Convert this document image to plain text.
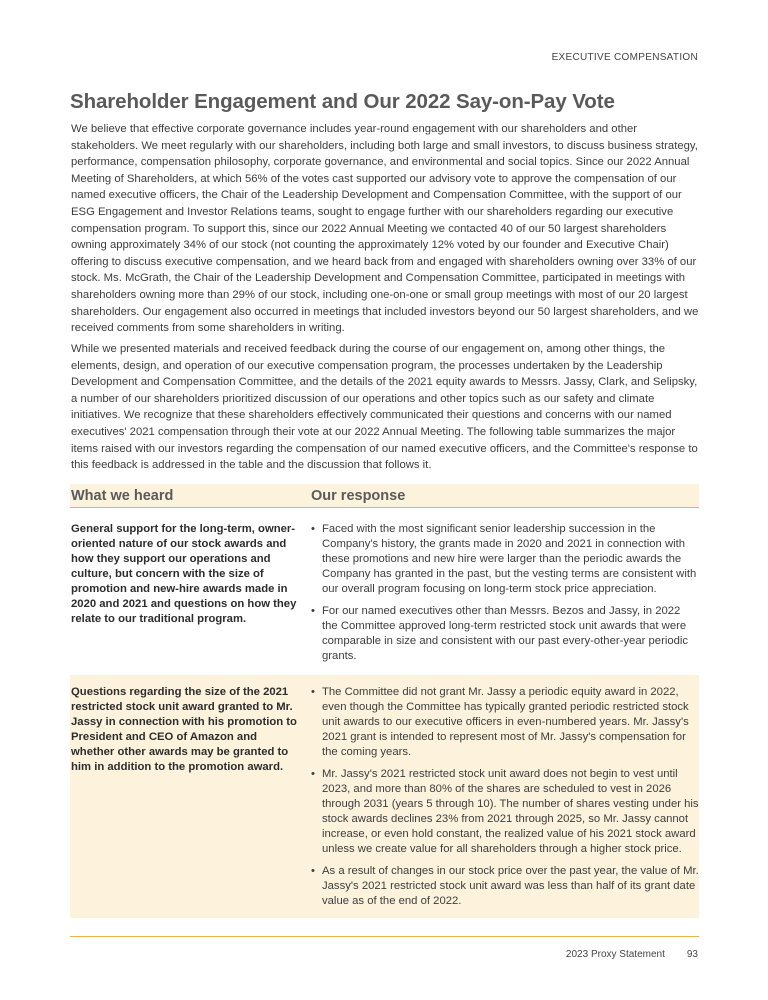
EXECUTIVE COMPENSATION
Shareholder Engagement and Our 2022 Say-on-Pay Vote

We believe that effective corporate governance includes year-round engagement with our shareholders and other stakeholders. We meet regularly with our shareholders, including both large and small investors, to discuss business strategy, performance, compensation philosophy, corporate governance, and environmental and social topics. Since our 2022 Annual Meeting of Shareholders, at which 56% of the votes cast supported our advisory vote to approve the compensation of our named executive officers, the Chair of the Leadership Development and Compensation Committee, with the support of our ESG Engagement and Investor Relations teams, sought to engage further with our shareholders regarding our executive compensation program. To support this, since our 2022 Annual Meeting we contacted 40 of our 50 largest shareholders owning approximately 34% of our stock (not counting the approximately 12% voted by our founder and Executive Chair) offering to discuss executive compensation, and we heard back from and engaged with shareholders owning over 33% of our stock. Ms. McGrath, the Chair of the Leadership Development and Compensation Committee, participated in meetings with shareholders owning more than 29% of our stock, including one-on-one or small group meetings with most of our 20 largest shareholders. Our engagement also occurred in meetings that included investors beyond our 50 largest shareholders, and we received comments from some shareholders in writing.

While we presented materials and received feedback during the course of our engagement on, among other things, the elements, design, and operation of our executive compensation program, the processes undertaken by the Leadership Development and Compensation Committee, and the details of the 2021 equity awards to Messrs. Jassy, Clark, and Selipsky, a number of our shareholders prioritized discussion of our operations and other topics such as our safety and climate initiatives. We recognize that these shareholders effectively communicated their questions and concerns with our named executives' 2021 compensation through their vote at our 2022 Annual Meeting. The following table summarizes the major items raised with our investors regarding the compensation of our named executive officers, and the Committee's response to this feedback is addressed in the table and the discussion that follows it.

What we heard	Our response
General support for the long-term, owner-oriented nature of our stock awards and how they support our operations and culture, but concern with the size of promotion and new-hire awards made in 2020 and 2021 and questions on how they relate to our traditional program.
• Faced with the most significant senior leadership succession in the Company's history, the grants made in 2020 and 2021 in connection with these promotions and new hire were larger than the periodic awards the Company has granted in the past, but the vesting terms are consistent with our overall program focusing on long-term stock price appreciation.
• For our named executives other than Messrs. Bezos and Jassy, in 2022 the Committee approved long-term restricted stock unit awards that were comparable in size and consistent with our past every-other-year periodic grants.
Questions regarding the size of the 2021 restricted stock unit award granted to Mr. Jassy in connection with his promotion to President and CEO of Amazon and whether other awards may be granted to him in addition to the promotion award.
• The Committee did not grant Mr. Jassy a periodic equity award in 2022, even though the Committee has typically granted periodic restricted stock unit awards to our executive officers in even-numbered years. Mr. Jassy's 2021 grant is intended to represent most of Mr. Jassy's compensation for the coming years.
• Mr. Jassy's 2021 restricted stock unit award does not begin to vest until 2023, and more than 80% of the shares are scheduled to vest in 2026 through 2031 (years 5 through 10). The number of shares vesting under his stock awards declines 23% from 2021 through 2025, so Mr. Jassy cannot increase, or even hold constant, the realized value of his 2021 stock award unless we create value for all shareholders through a higher stock price.
• As a result of changes in our stock price over the past year, the value of Mr. Jassy's 2021 restricted stock unit award was less than half of its grant date value as of the end of 2022.
2023 Proxy Statement 93
